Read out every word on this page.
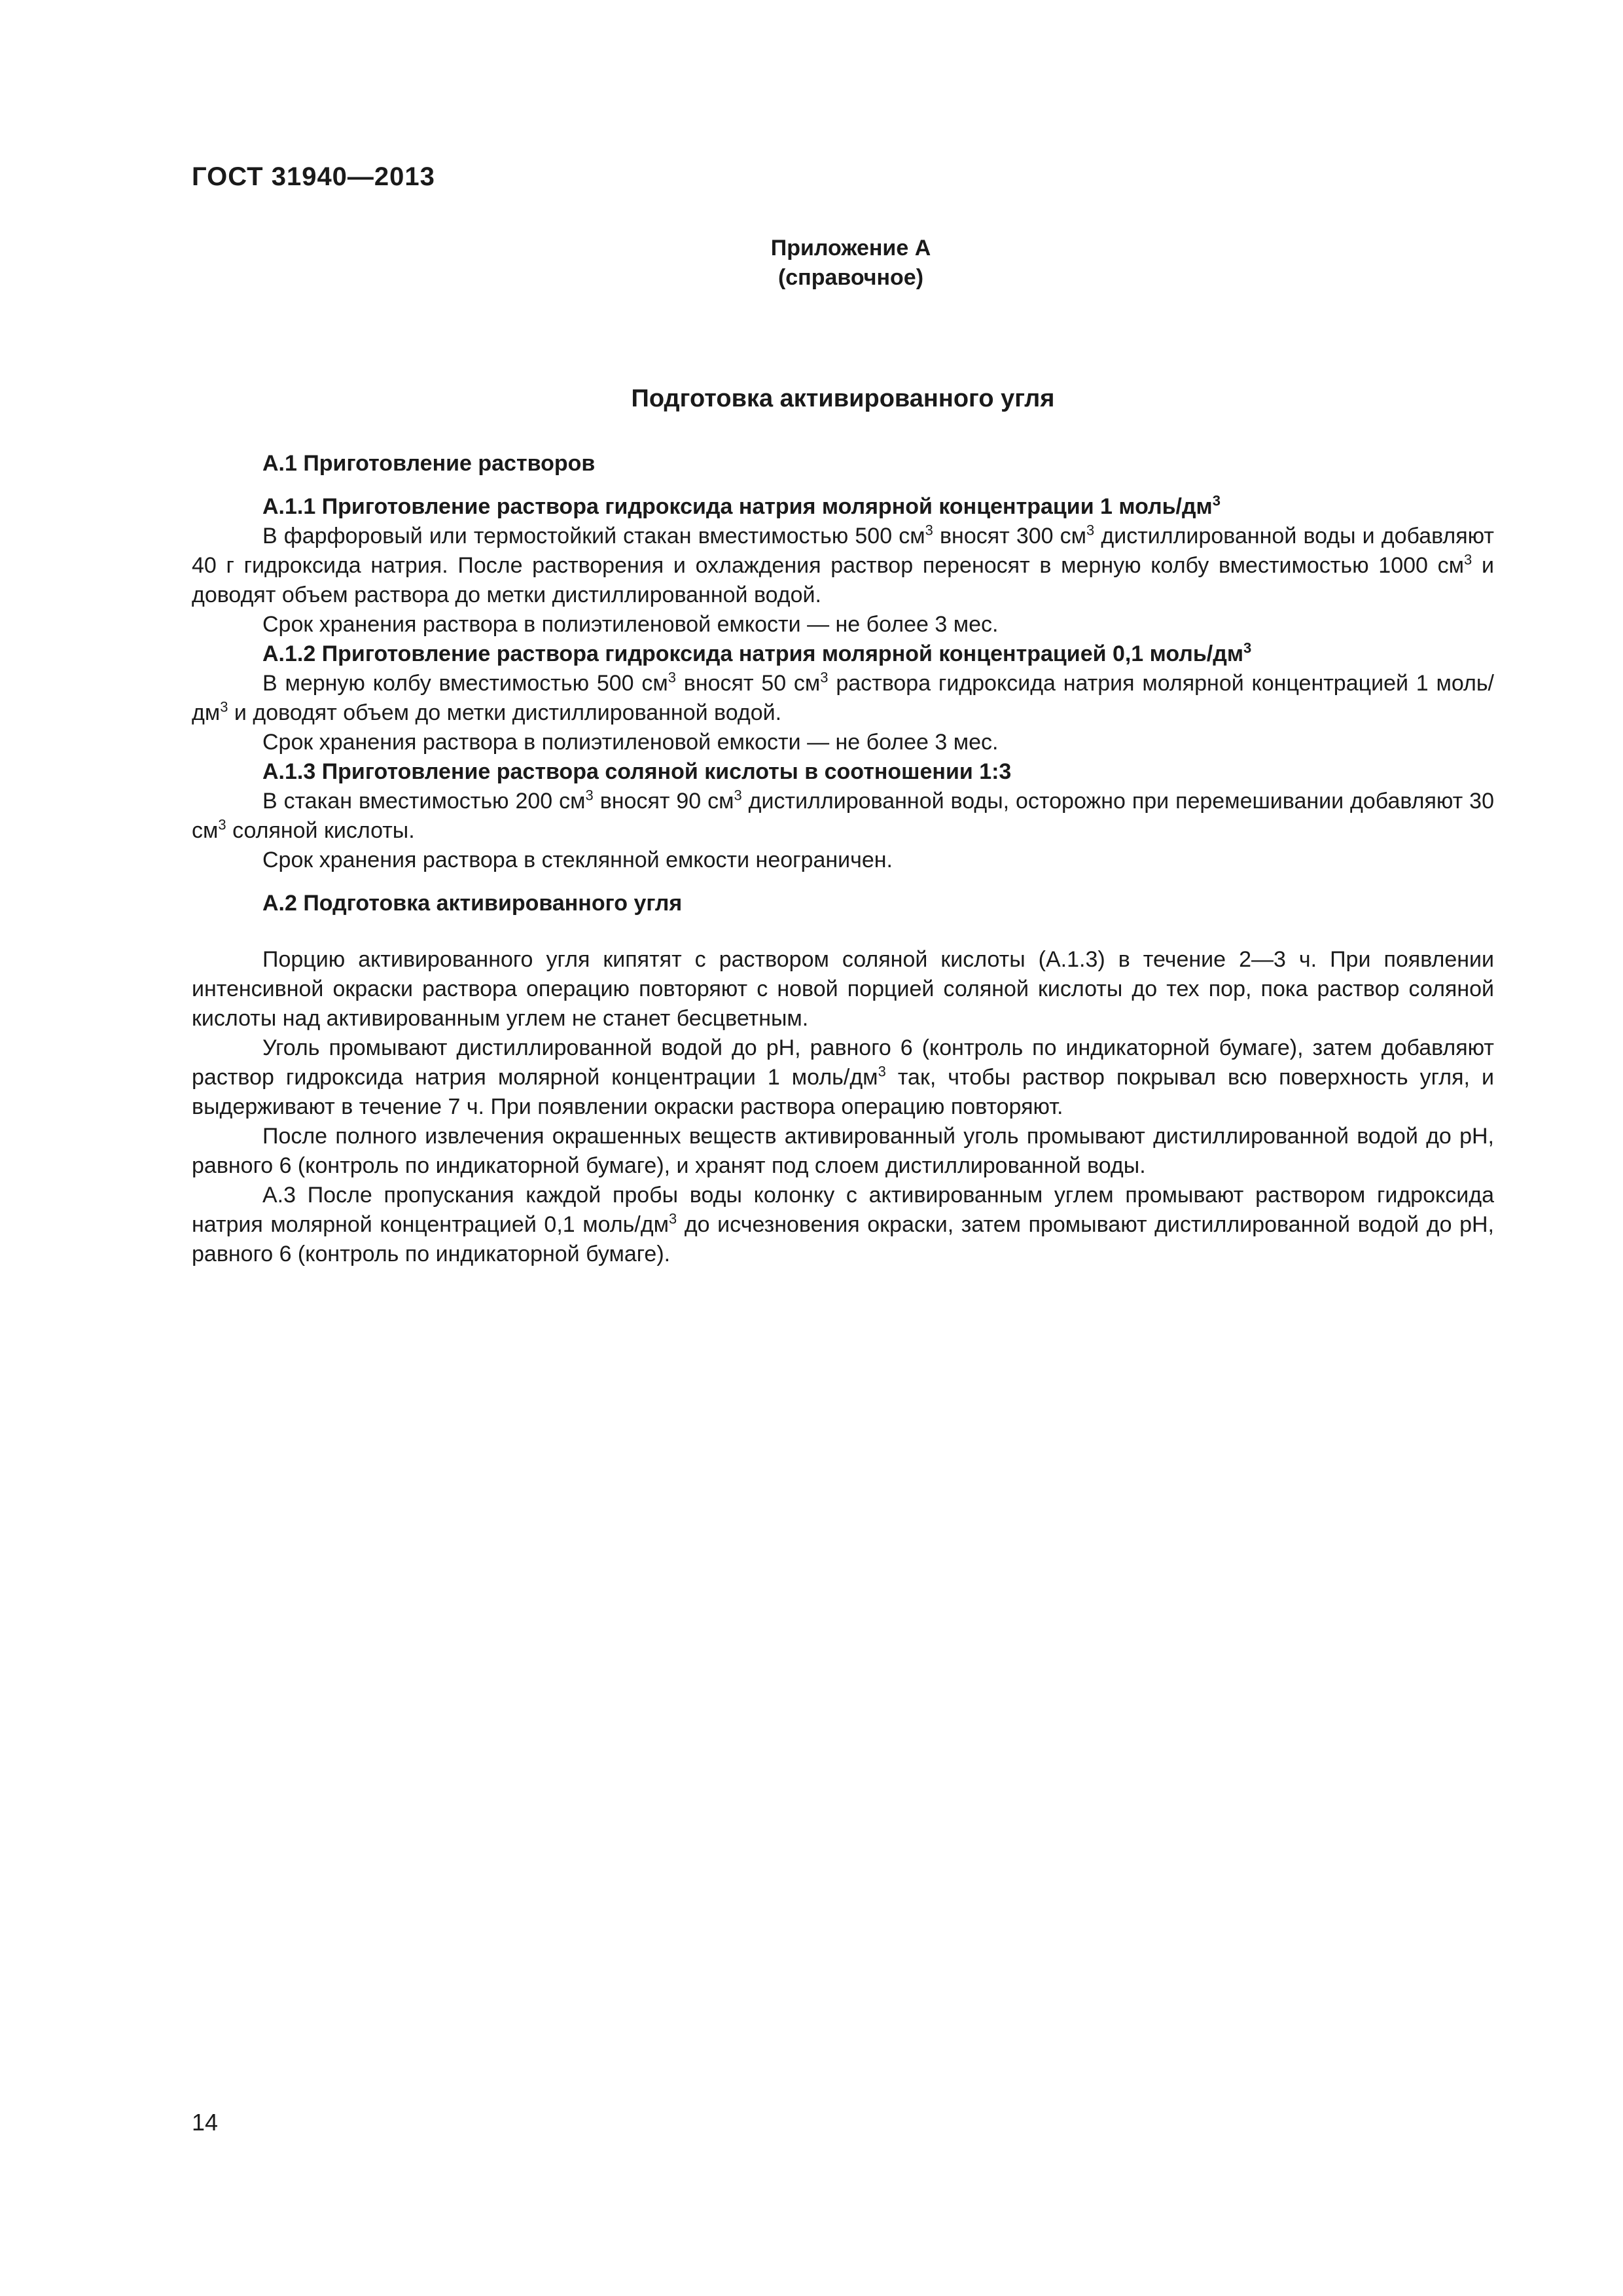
ГОСТ 31940—2013
Приложение А
(справочное)
Подготовка активированного угля

А.1 Приготовление растворов

А.1.1 Приготовление раствора гидроксида натрия молярной концентрации 1 моль/$дм^3$

В фарфоровый или термостойкий стакан вместимостью 500 $см^3$ вносят 300 $см^3$ дистиллированной воды и добавляют 40 г гидроксида натрия. После растворения и охлаждения раствор переносят в мерную колбу вместимостью 1000 $см^3$ и доводят объем раствора до метки дистиллированной водой.

Срок хранения раствора в полиэтиленовой емкости — не более 3 мес.

А.1.2 Приготовление раствора гидроксида натрия молярной концентрацией 0,1 моль/$дм^3$

В мерную колбу вместимостью 500 $см^3$ вносят 50 $см^3$ раствора гидроксида натрия молярной концентрацией 1 моль/$дм^3$ и доводят объем до метки дистиллированной водой.

Срок хранения раствора в полиэтиленовой емкости — не более 3 мес.

А.1.3 Приготовление раствора соляной кислоты в соотношении 1:3

В стакан вместимостью 200 $см^3$ вносят 90 $см^3$ дистиллированной воды, осторожно при перемешивании добавляют 30 $см^3$ соляной кислоты.

Срок хранения раствора в стеклянной емкости неограничен.

А.2 Подготовка активированного угля

Порцию активированного угля кипятят с раствором соляной кислоты (А.1.3) в течение 2—3 ч. При появлении интенсивной окраски раствора операцию повторяют с новой порцией соляной кислоты до тех пор, пока раствор соляной кислоты над активированным углем не станет бесцветным.

Уголь промывают дистиллированной водой до pH, равного 6 (контроль по индикаторной бумаге), затем добавляют раствор гидроксида натрия молярной концентрации 1 моль/$дм^3$ так, чтобы раствор покрывал всю поверхность угля, и выдерживают в течение 7 ч. При появлении окраски раствора операцию повторяют.

После полного извлечения окрашенных веществ активированный уголь промывают дистиллированной водой до pH, равного 6 (контроль по индикаторной бумаге), и хранят под слоем дистиллированной воды.

А.3 После пропускания каждой пробы воды колонку с активированным углем промывают раствором гидроксида натрия молярной концентрацией 0,1 моль/$дм^3$ до исчезновения окраски, затем промывают дистиллированной водой до pH, равного 6 (контроль по индикаторной бумаге).

14
